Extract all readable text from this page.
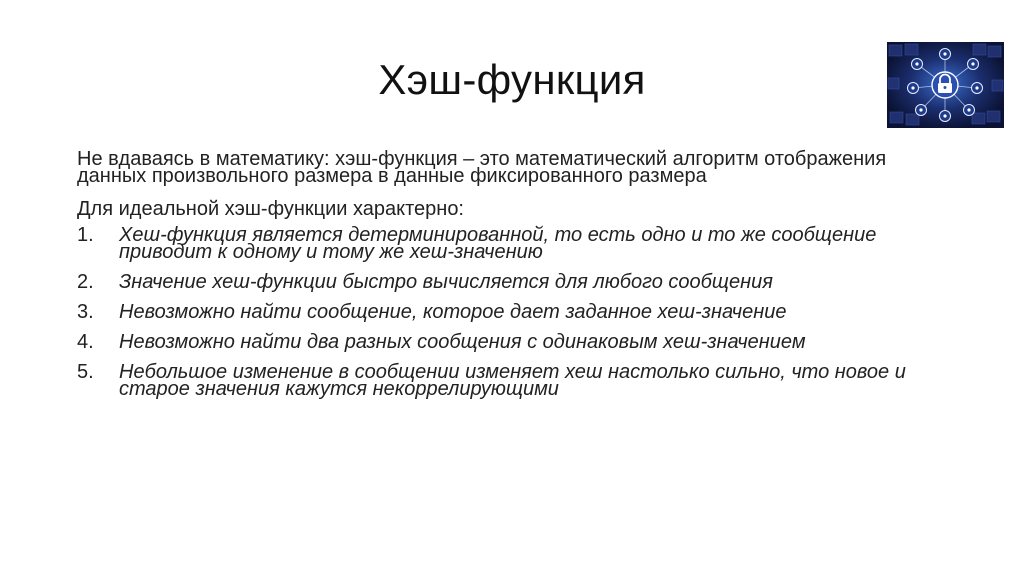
Хэш-функция

Не вдаваясь в математику: хэш-функция – это математический алгоритм отображения данных произвольного размера в данные фиксированного размера

Для идеальной хэш-функции характерно:

1. Хеш-функция является детерминированной, то есть одно и то же сообщение приводит к одному и тому же хеш-значению
2. Значение хеш-функции быстро вычисляется для любого сообщения
3. Невозможно найти сообщение, которое дает заданное хеш-значение
4. Невозможно найти два разных сообщения с одинаковым хеш-значением
5. Небольшое изменение в сообщении изменяет хеш настолько сильно, что новое и старое значения кажутся некоррелирующими
